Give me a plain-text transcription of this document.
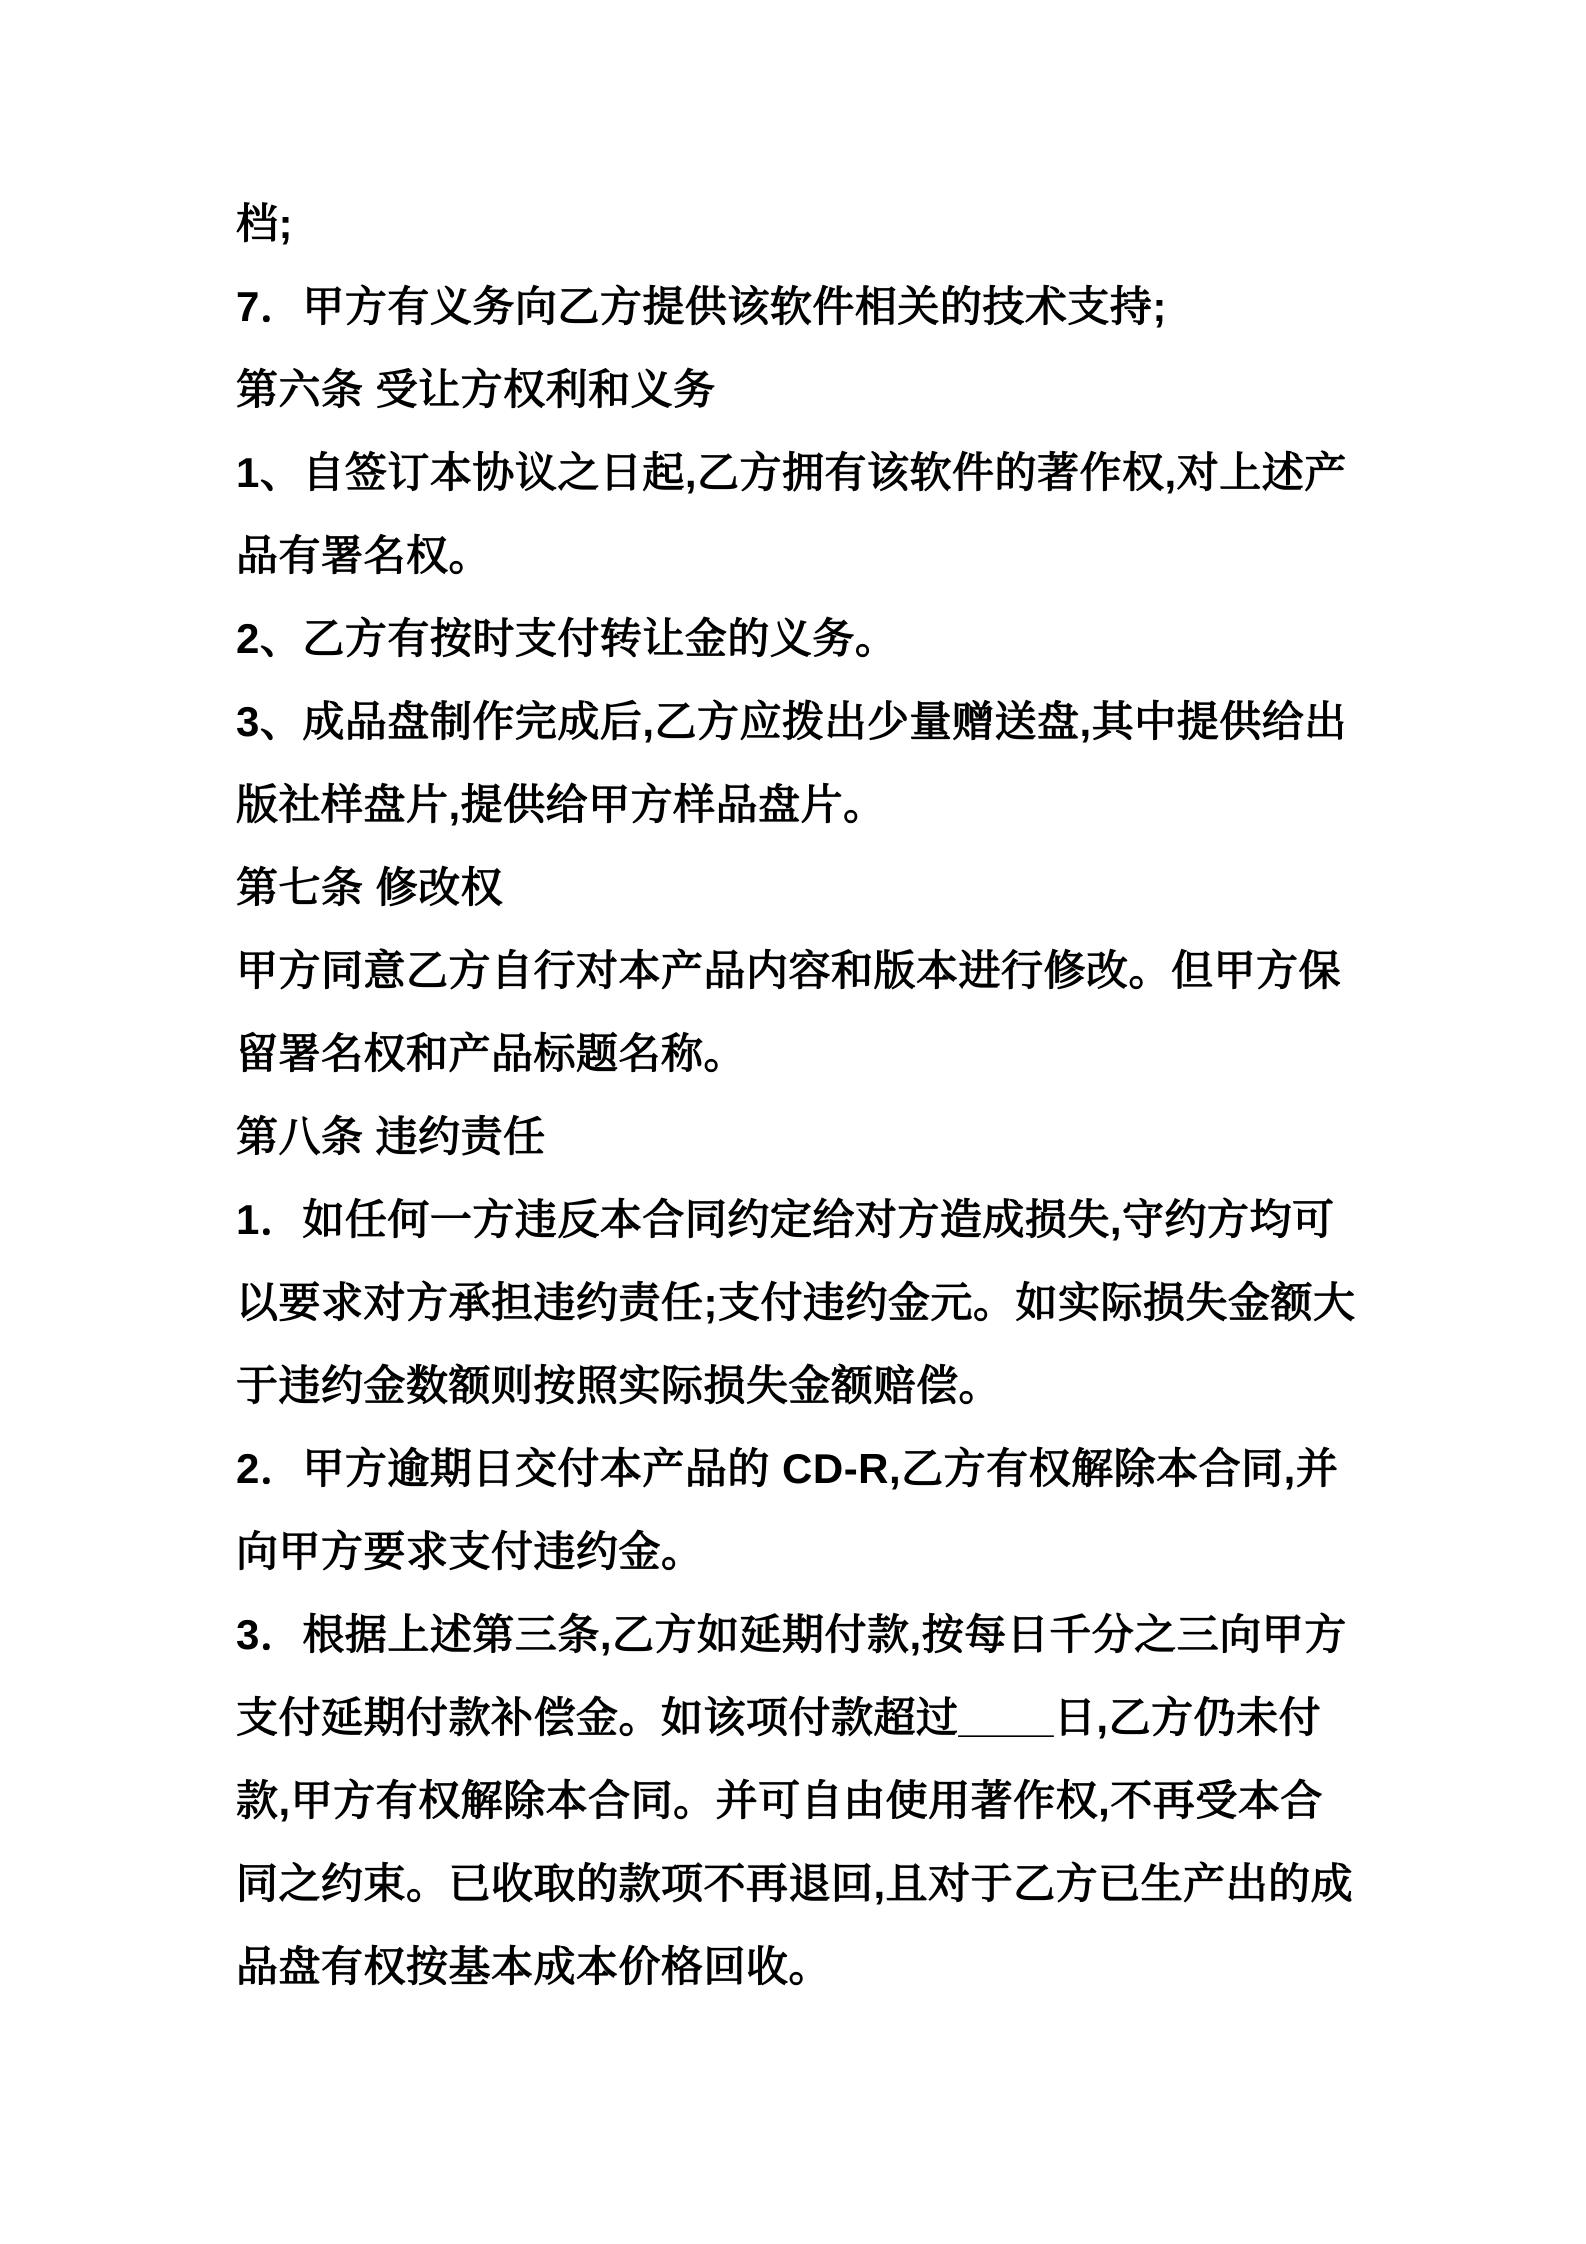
档;
7．甲方有义务向乙方提供该软件相关的技术支持;
第六条 受让方权利和义务
1、自签订本协议之日起,乙方拥有该软件的著作权,对上述产
品有署名权。
2、乙方有按时支付转让金的义务。
3、成品盘制作完成后,乙方应拨出少量赠送盘,其中提供给出
版社样盘片,提供给甲方样品盘片。
第七条 修改权
甲方同意乙方自行对本产品内容和版本进行修改。但甲方保
留署名权和产品标题名称。
第八条 违约责任
1．如任何一方违反本合同约定给对方造成损失,守约方均可
以要求对方承担违约责任;支付违约金元。如实际损失金额大
于违约金数额则按照实际损失金额赔偿。
2．甲方逾期日交付本产品的 CD-R,乙方有权解除本合同,并
向甲方要求支付违约金。
3．根据上述第三条,乙方如延期付款,按每日千分之三向甲方
支付延期付款补偿金。如该项付款超过____日,乙方仍未付
款,甲方有权解除本合同。并可自由使用著作权,不再受本合
同之约束。已收取的款项不再退回,且对于乙方已生产出的成
品盘有权按基本成本价格回收。
